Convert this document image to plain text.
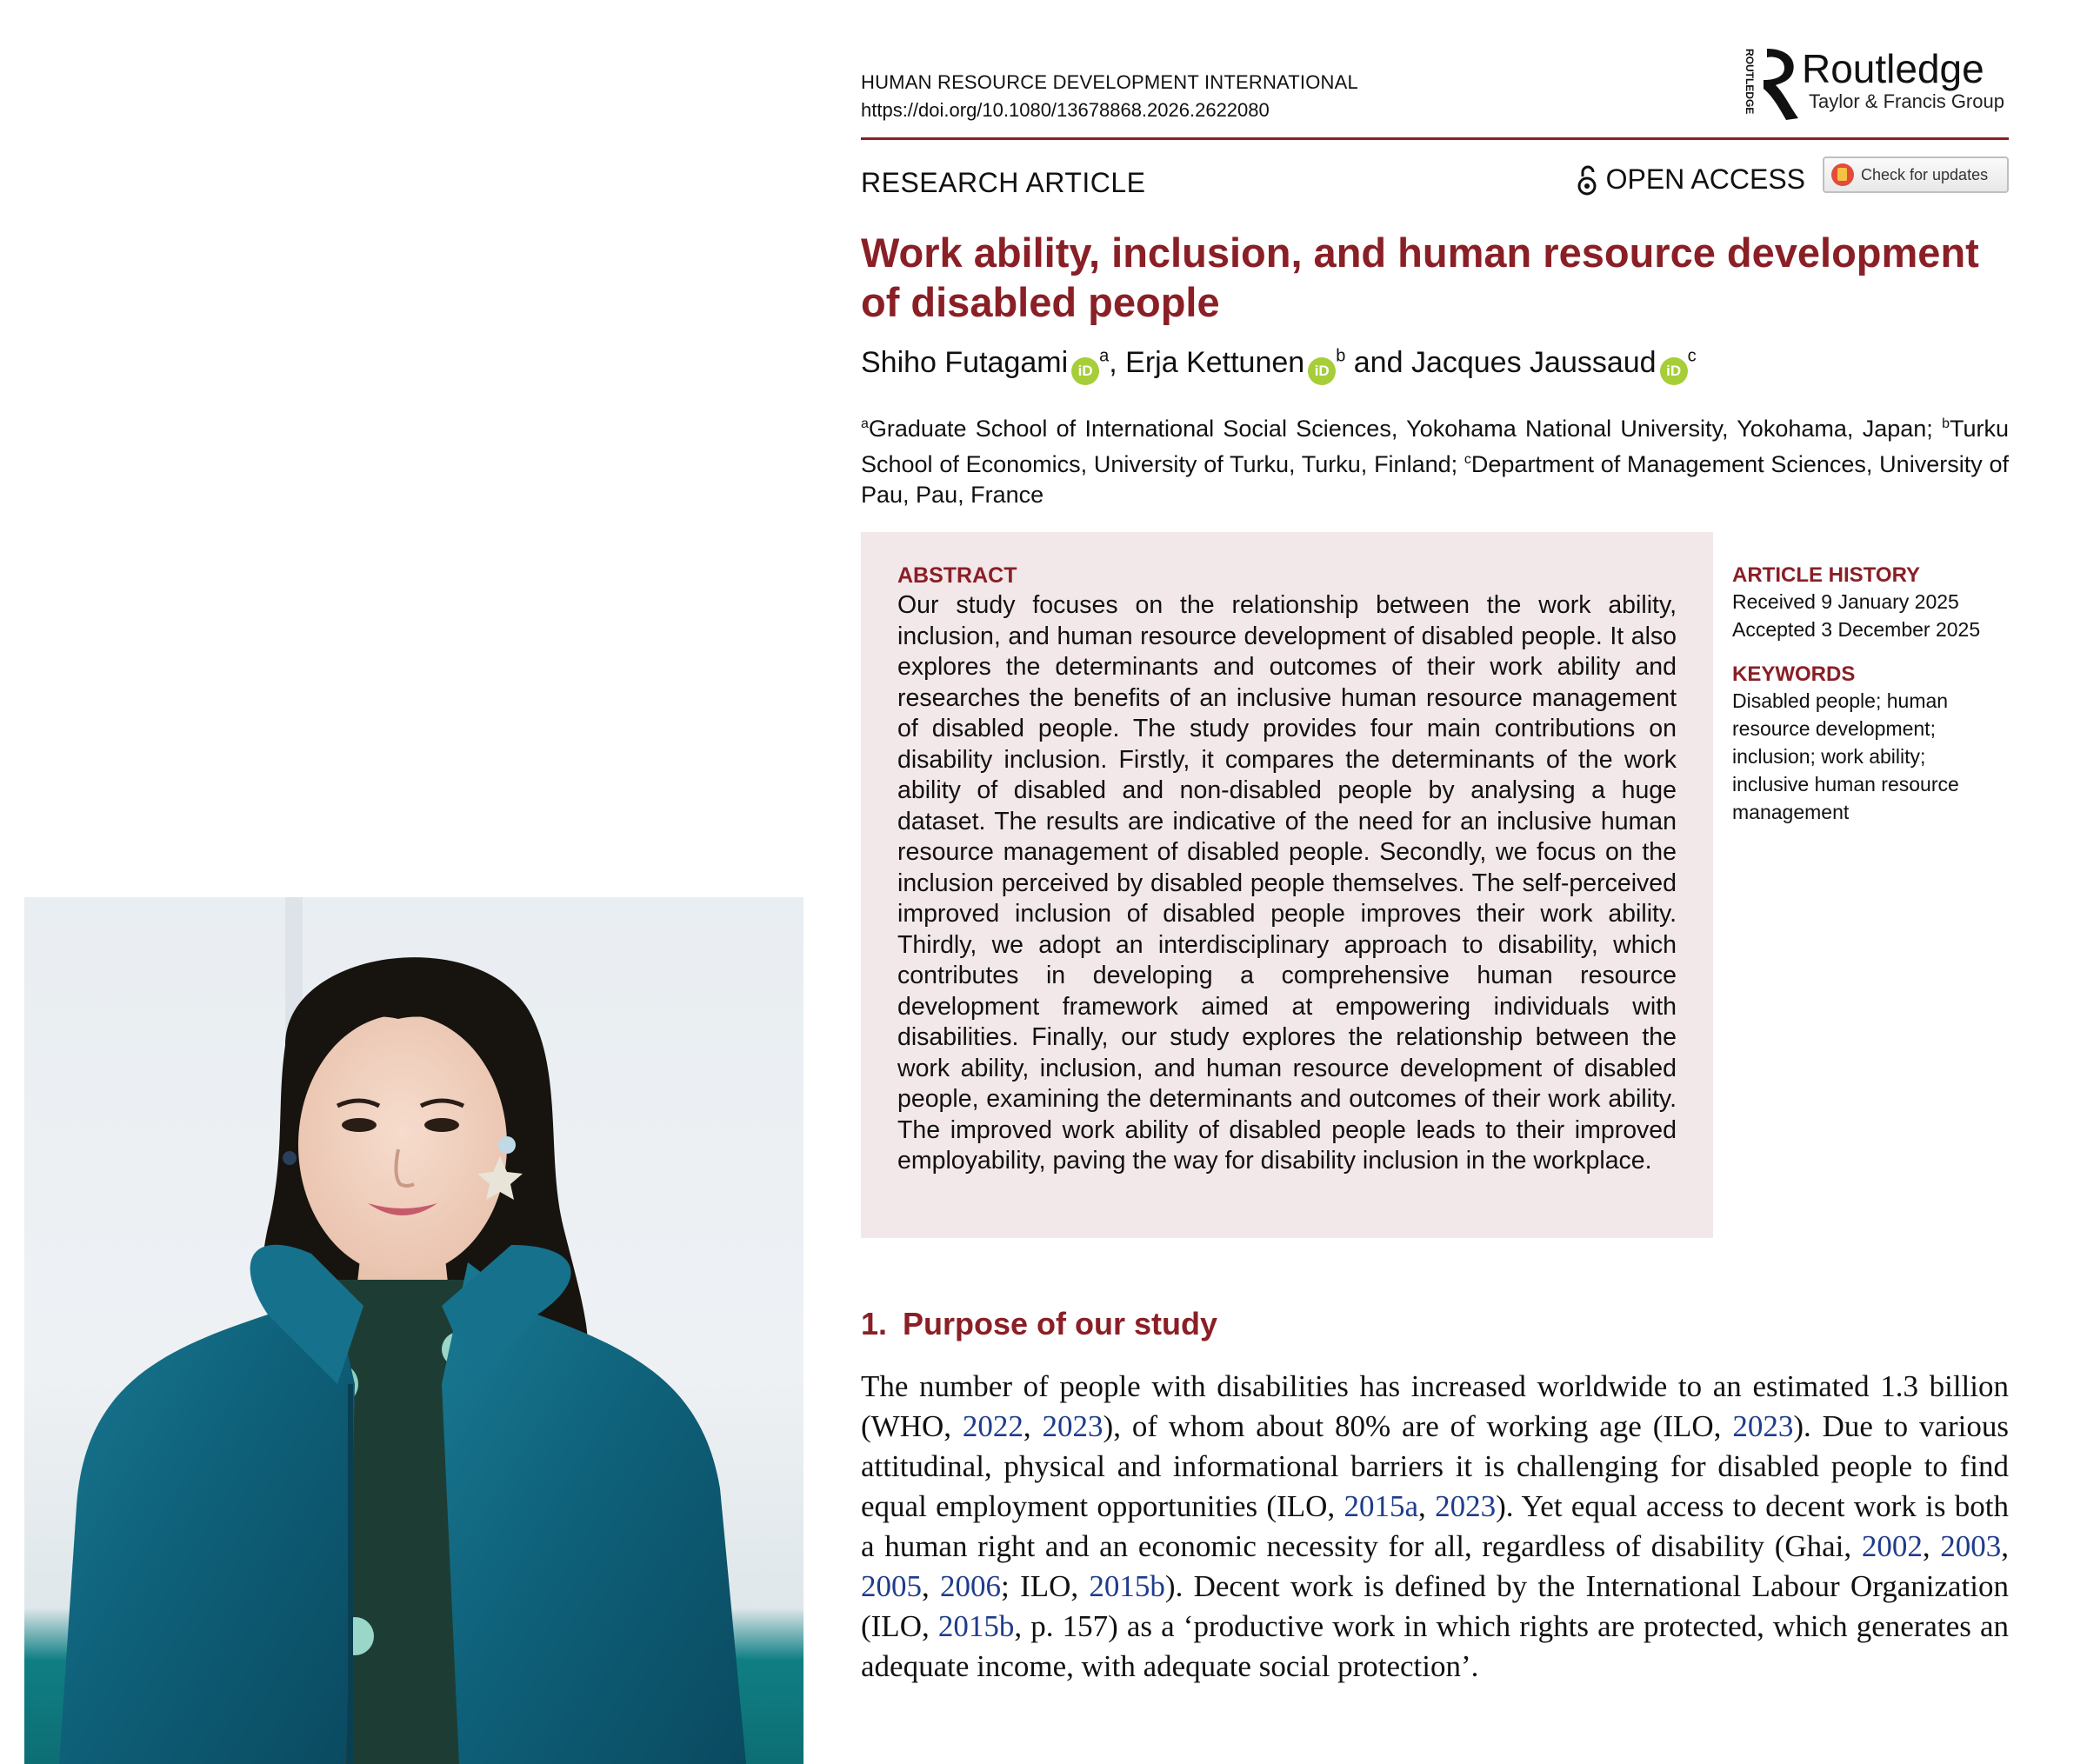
HUMAN RESOURCE DEVELOPMENT INTERNATIONAL
https://doi.org/10.1080/13678868.2026.2622080	ROUTLEDGE Routledge
Taylor & Francis Group
RESEARCH ARTICLE	OPEN ACCESS	Check for updates
Work ability, inclusion, and human resource development of disabled people
Shiho Futagami $iD^a$, Erja Kettunen $iD^b$ and Jacques Jaussaud $iD^c$
$^a$Graduate School of International Social Sciences, Yokohama National University, Yokohama, Japan; $^b$Turku School of Economics, University of Turku, Turku, Finland; $^c$Department of Management Sciences, University of Pau, Pau, France
ABSTRACT
Our study focuses on the relationship between the work ability, inclusion, and human resource development of disabled people. It also explores the determinants and outcomes of their work ability and researches the benefits of an inclusive human resource management of disabled people. The study provides four main contributions on disability inclusion. Firstly, it compares the determinants of the work ability of disabled and non-disabled people by analysing a huge dataset. The results are indicative of the need for an inclusive human resource management of disabled people. Secondly, we focus on the inclusion perceived by disabled people themselves. The self-perceived improved inclusion of disabled people improves their work ability. Thirdly, we adopt an interdisciplinary approach to disability, which contributes in developing a comprehensive human resource development framework aimed at empowering individuals with disabilities. Finally, our study explores the relationship between the work ability, inclusion, and human resource development of disabled people, examining the determinants and outcomes of their work ability. The improved work ability of disabled people leads to their improved employability, paving the way for disability inclusion in the workplace.
ARTICLE HISTORY
Received 9 January 2025
Accepted 3 December 2025
KEYWORDS
Disabled people; human resource development; inclusion; work ability; inclusive human resource management
1. Purpose of our study
The number of people with disabilities has increased worldwide to an estimated 1.3 billion (WHO, 2022, 2023), of whom about 80% are of working age (ILO, 2023). Due to various attitudinal, physical and informational barriers it is challenging for disabled people to find equal employment opportunities (ILO, 2015a, 2023). Yet equal access to decent work is both a human right and an economic necessity for all, regardless of disability (Ghai, 2002, 2003, 2005, 2006; ILO, 2015b). Decent work is defined by the International Labour Organization (ILO, 2015b, p. 157) as a ‘productive work in which rights are protected, which generates an adequate income, with adequate social protection’.
